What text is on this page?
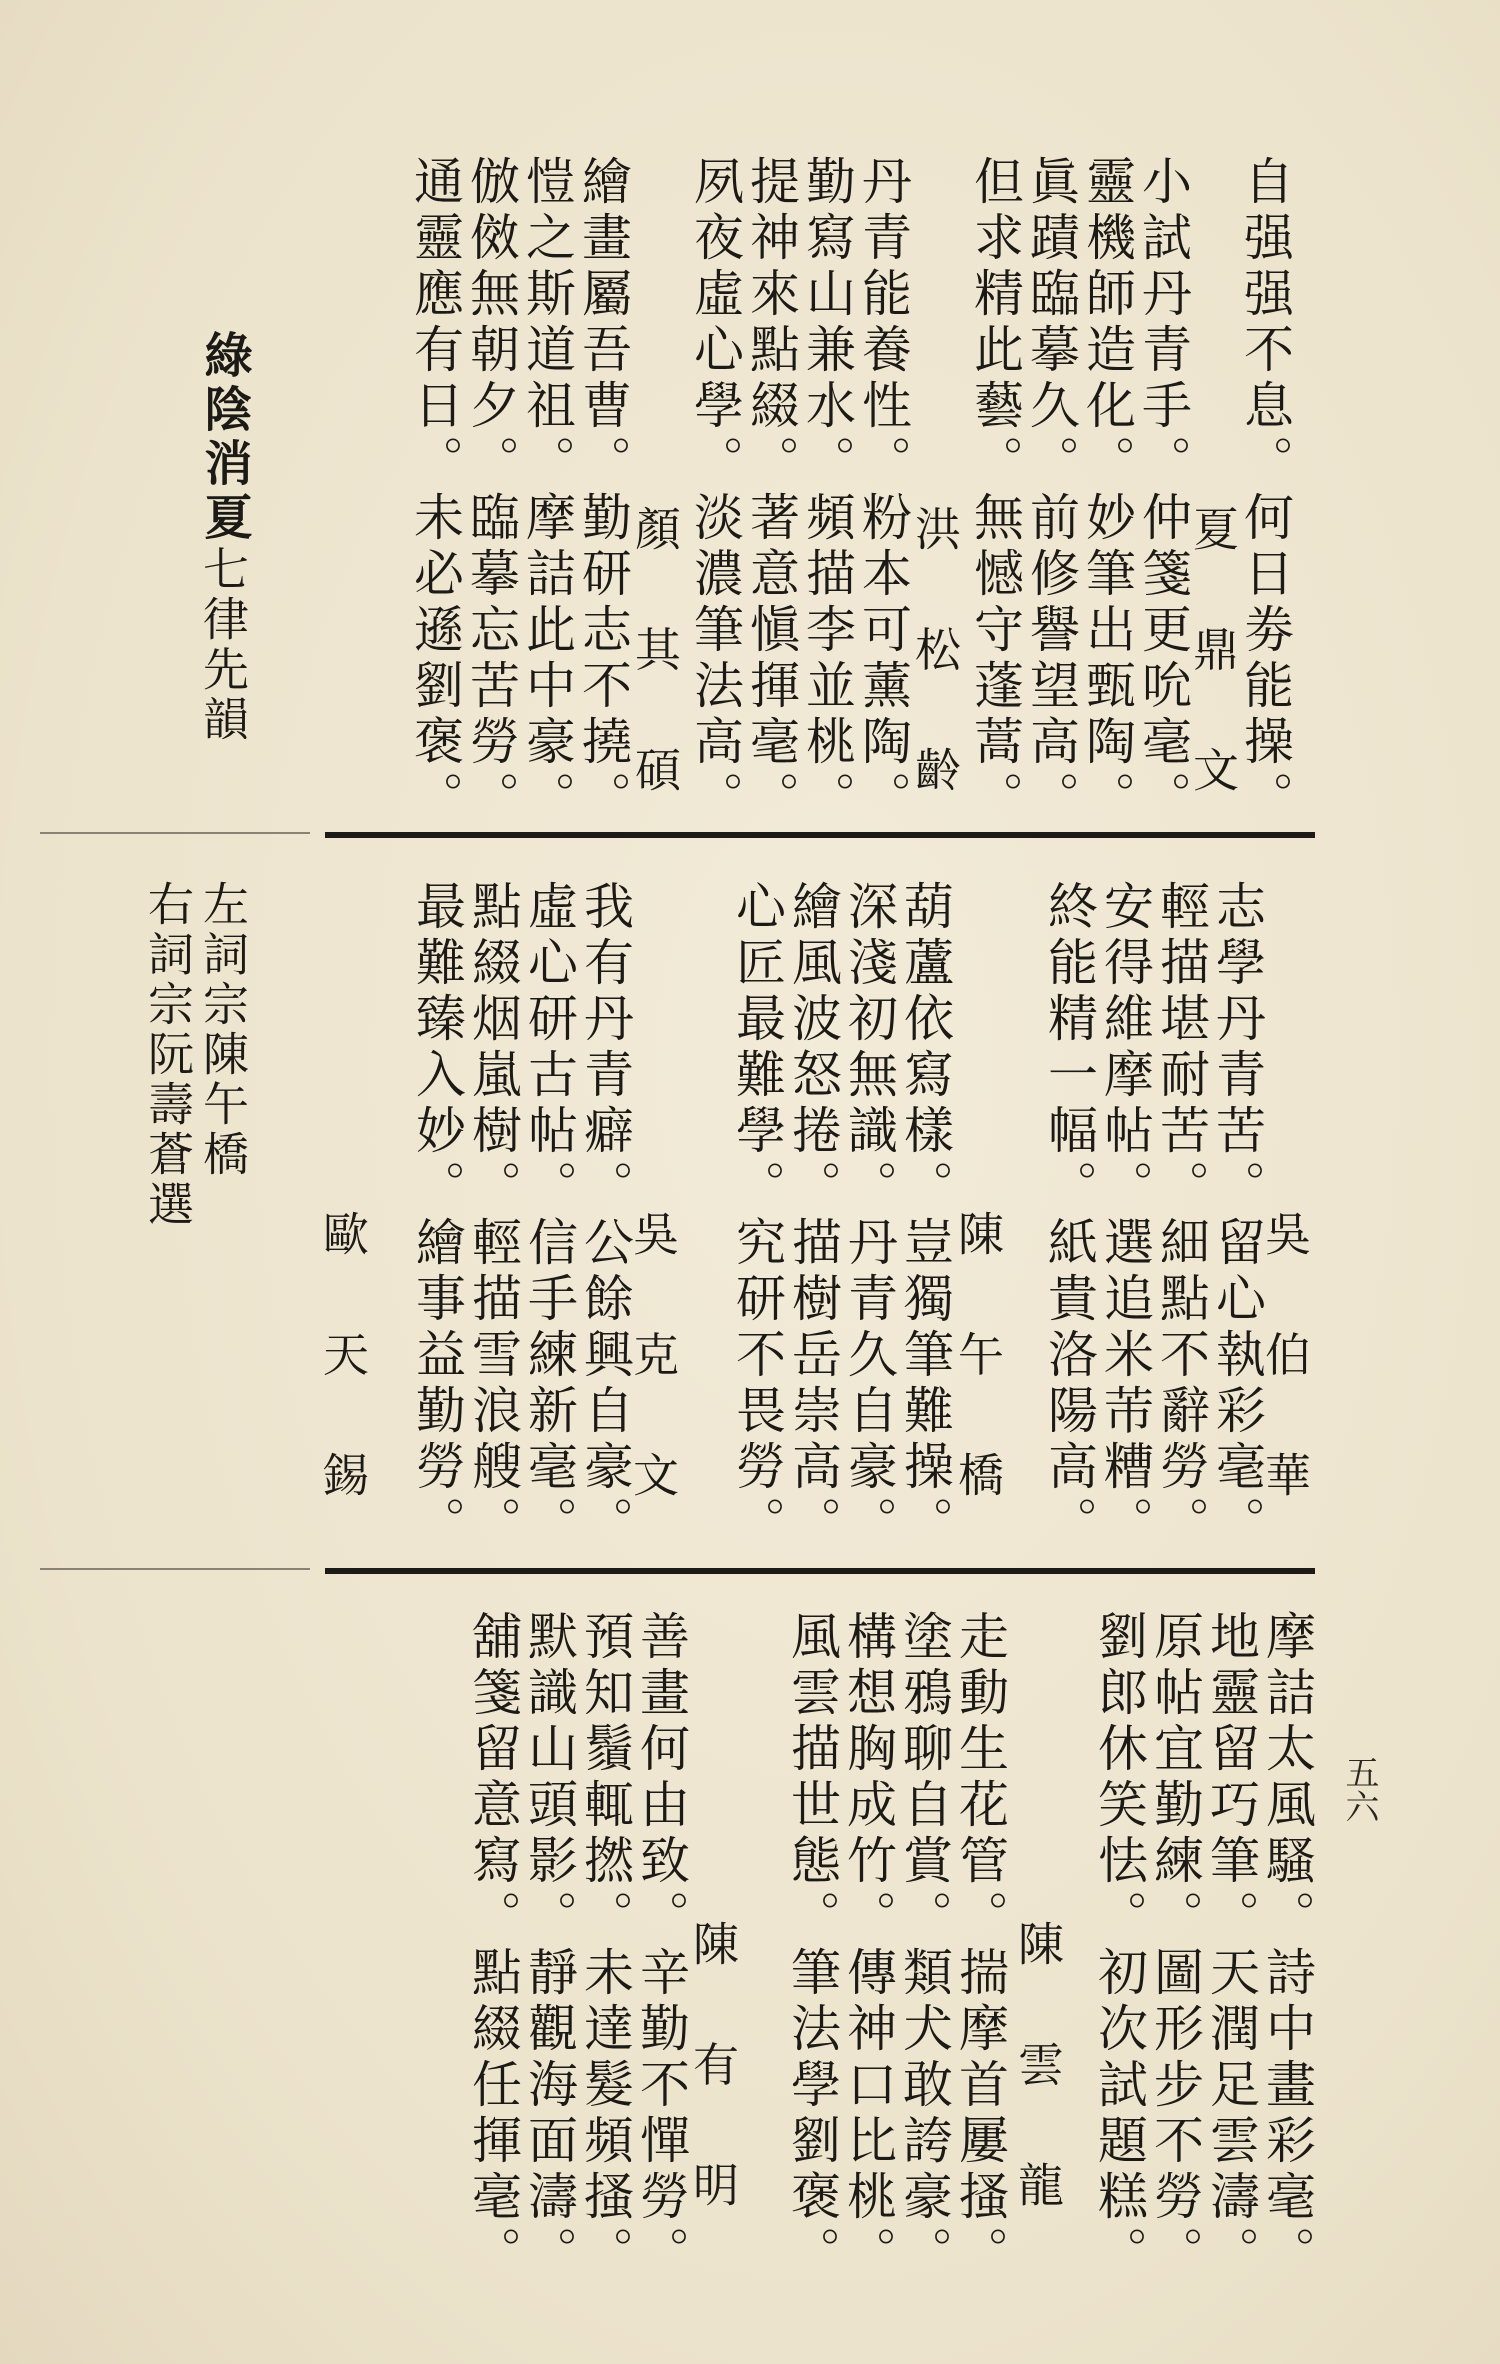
五六
自强强不息。何日劵能操。
夏 鼎 文
小試丹青手。仲箋更吮毫。
靈機師造化。妙筆出甄陶。
眞蹟臨摹久。前修譽望高。
但求精此藝。無憾守蓬蒿。
洪 松 齡
丹青能養性。粉本可薰陶。
勤寫山兼水。頻描李並桃。
提神來點綴。著意愼揮毫。
夙夜虛心學。淡濃筆法高。
顏 其 碩
繪畫屬吾曹。勤研志不撓。
愷之斯道祖。摩詰此中豪。
倣傚無朝夕。臨摹忘苦勞。
通靈應有日。未必遜劉褒。
綠陰消夏
七律先韻
志學丹青苦。留心執彩毫。
吳 伯 華
輕描堪耐苦。細點不辭勞。
安得維摩帖。選追米芾糟。
終能精一幅。紙貴洛陽高。
陳 午 橋
葫蘆依寫樣。豈獨筆難操。
深淺初無識。丹青久自豪。
繪風波怒捲。描樹岳崇高。
心匠最難學。究研不畏勞。
吳 克 文
我有丹青癖。公餘興自豪。
虛心研古帖。信手練新毫。
點綴烟嵐樹。輕描雪浪艘。
最難臻入妙。繪事益勤勞。
歐 天 錫
左詞宗陳午橋
右詞宗阮壽蒼選
摩詰太風騷。詩中畫彩毫。
地靈留巧筆。天潤足雲濤。
原帖宜勤練。圖形步不勞。
劉郎休笑怯。初次試題糕。
陳 雲 龍
走動生花管。揣摩首屢搔。
塗鴉聊自賞。類犬敢誇豪。
構想胸成竹。傳神口比桃。
風雲描世態。筆法學劉褒。
陳 有 明
善畫何由致。辛勤不憚勞。
預知鬚輒撚。未達髮頻搔。
默識山頭影。靜觀海面濤。
舖箋留意寫。點綴任揮毫。
